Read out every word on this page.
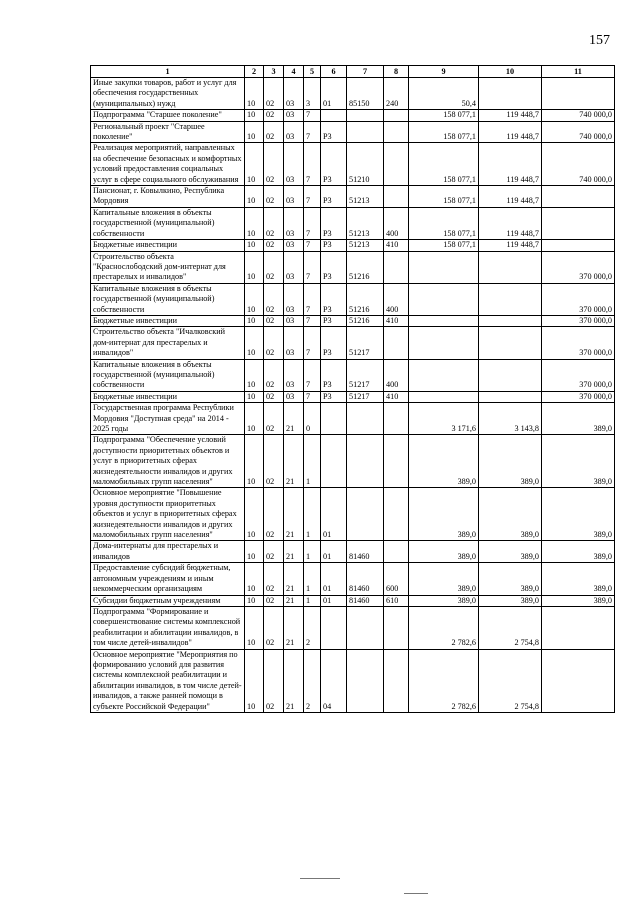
157
1	2	3	4	5	6	7	8	9	10	11
Иные закупки товаров, работ и услуг для обеспечения государственных (муниципальных) нужд	10	02	03	3	01	85150	240	50,4		
Подпрограмма "Старшее поколение"	10	02	03	7				158 077,1	119 448,7	740 000,0
Региональный проект "Старшее поколение"	10	02	03	7	P3			158 077,1	119 448,7	740 000,0
Реализация мероприятий, направленных на обеспечение безопасных и комфортных условий предоставления социальных услуг в сфере социального обслуживания	10	02	03	7	P3	51210		158 077,1	119 448,7	740 000,0
Пансионат, г. Ковылкино, Республика Мордовия	10	02	03	7	P3	51213		158 077,1	119 448,7	
Капитальные вложения в объекты государственной (муниципальной) собственности	10	02	03	7	P3	51213	400	158 077,1	119 448,7	
Бюджетные инвестиции	10	02	03	7	P3	51213	410	158 077,1	119 448,7	
Строительство объекта "Краснослободский дом-интернат для престарелых и инвалидов"	10	02	03	7	P3	51216				370 000,0
Капитальные вложения в объекты государственной (муниципальной) собственности	10	02	03	7	P3	51216	400			370 000,0
Бюджетные инвестиции	10	02	03	7	P3	51216	410			370 000,0
Строительство объекта "Ичалковский дом-интернат для престарелых и инвалидов"	10	02	03	7	P3	51217				370 000,0
Капитальные вложения в объекты государственной (муниципальной) собственности	10	02	03	7	P3	51217	400			370 000,0
Бюджетные инвестиции	10	02	03	7	P3	51217	410			370 000,0
Государственная программа Республики Мордовия "Доступная среда" на 2014 - 2025 годы	10	02	21	0				3 171,6	3 143,8	389,0
Подпрограмма "Обеспечение условий доступности приоритетных объектов и услуг в приоритетных сферах жизнедеятельности инвалидов и других маломобильных групп населения"	10	02	21	1				389,0	389,0	389,0
Основное мероприятие "Повышение уровня доступности приоритетных объектов и услуг в приоритетных сферах жизнедеятельности инвалидов и других маломобильных групп населения"	10	02	21	1	01			389,0	389,0	389,0
Дома-интернаты для престарелых и инвалидов	10	02	21	1	01	81460		389,0	389,0	389,0
Предоставление субсидий бюджетным, автономным учреждениям и иным некоммерческим организациям	10	02	21	1	01	81460	600	389,0	389,0	389,0
Субсидии бюджетным учреждениям	10	02	21	1	01	81460	610	389,0	389,0	389,0
Подпрограмма "Формирование и совершенствование системы комплексной реабилитации и абилитации инвалидов, в том числе детей-инвалидов"	10	02	21	2				2 782,6	2 754,8	
Основное мероприятие "Мероприятия по формированию условий для развития системы комплексной реабилитации и абилитации инвалидов, в том числе детей-инвалидов, а также ранней помощи в субъекте Российской Федерации"	10	02	21	2	04			2 782,6	2 754,8	
